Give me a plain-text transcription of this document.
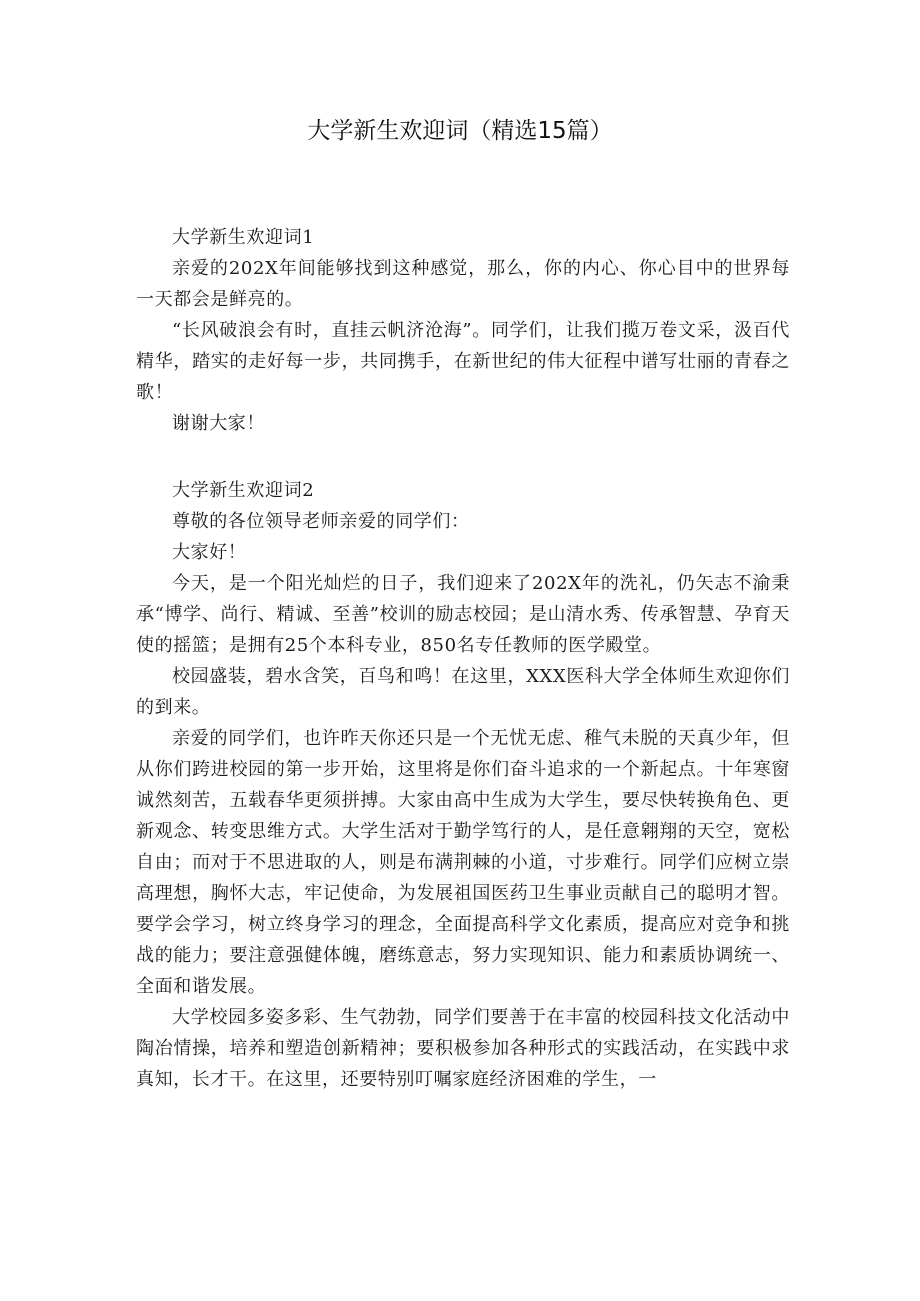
大学新生欢迎词（精选15篇）

大学新生欢迎词1

亲爱的202X年间能够找到这种感觉，那么，你的内心、你心目中的世界每一天都会是鲜亮的。

“长风破浪会有时，直挂云帆济沧海”。同学们，让我们揽万卷文采，汲百代精华，踏实的走好每一步，共同携手，在新世纪的伟大征程中谱写壮丽的青春之歌！

谢谢大家！

大学新生欢迎词2

尊敬的各位领导老师亲爱的同学们：

大家好！

今天，是一个阳光灿烂的日子，我们迎来了202X年的洗礼，仍矢志不渝秉承“博学、尚行、精诚、至善”校训的励志校园；是山清水秀、传承智慧、孕育天使的摇篮；是拥有25个本科专业，850名专任教师的医学殿堂。

校园盛装，碧水含笑，百鸟和鸣！在这里，XXX医科大学全体师生欢迎你们的到来。

亲爱的同学们，也许昨天你还只是一个无忧无虑、稚气未脱的天真少年，但从你们跨进校园的第一步开始，这里将是你们奋斗追求的一个新起点。十年寒窗诚然刻苦，五载春华更须拼搏。大家由高中生成为大学生，要尽快转换角色、更新观念、转变思维方式。大学生活对于勤学笃行的人，是任意翱翔的天空，宽松自由；而对于不思进取的人，则是布满荆棘的小道，寸步难行。同学们应树立崇高理想，胸怀大志，牢记使命，为发展祖国医药卫生事业贡献自己的聪明才智。要学会学习，树立终身学习的理念，全面提高科学文化素质，提高应对竞争和挑战的能力；要注意强健体魄，磨练意志，努力实现知识、能力和素质协调统一、全面和谐发展。

大学校园多姿多彩、生气勃勃，同学们要善于在丰富的校园科技文化活动中陶冶情操，培养和塑造创新精神；要积极参加各种形式的实践活动，在实践中求真知，长才干。在这里，还要特别叮嘱家庭经济困难的学生，一
